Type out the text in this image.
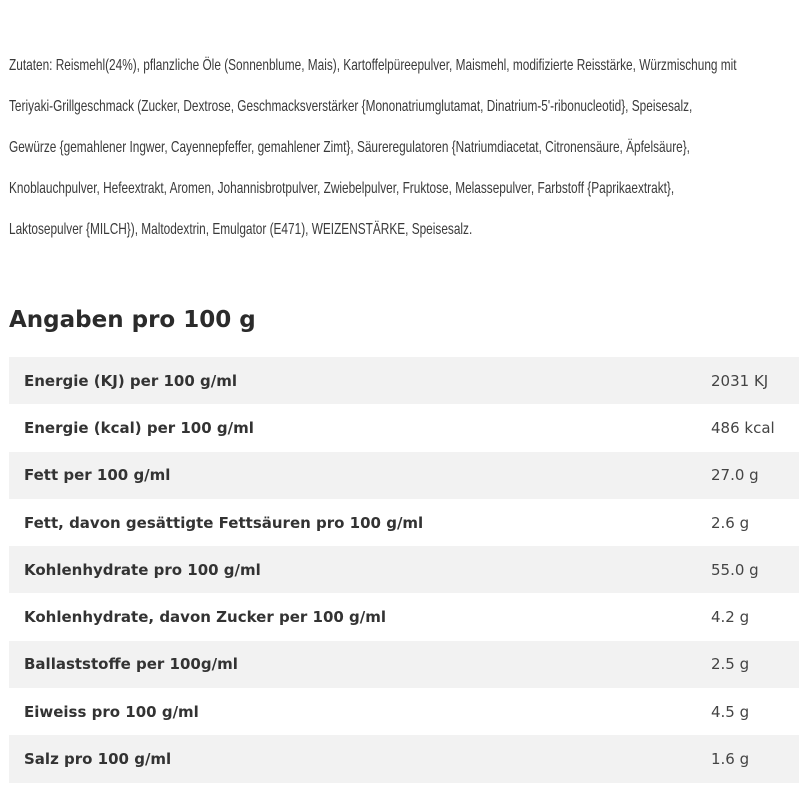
Zutaten: Reismehl(24%), pflanzliche Öle (Sonnenblume, Mais), Kartoffelpüreepulver, Maismehl, modifizierte Reisstärke, Würzmischung mit
Teriyaki-Grillgeschmack (Zucker, Dextrose, Geschmacksverstärker {Mononatriumglutamat, Dinatrium-5'-ribonucleotid}, Speisesalz,
Gewürze {gemahlener Ingwer, Cayennepfeffer, gemahlener Zimt}, Säureregulatoren {Natriumdiacetat, Citronensäure, Äpfelsäure},
Knoblauchpulver, Hefeextrakt, Aromen, Johannisbrotpulver, Zwiebelpulver, Fruktose, Melassepulver, Farbstoff {Paprikaextrakt},
Laktosepulver {MILCH}), Maltodextrin, Emulgator (E471), WEIZENSTÄRKE, Speisesalz.
Angaben pro 100 g
Energie (KJ) per 100 g/ml	2031 KJ
Energie (kcal) per 100 g/ml	486 kcal
Fett per 100 g/ml	27.0 g
Fett, davon gesättigte Fettsäuren pro 100 g/ml	2.6 g
Kohlenhydrate pro 100 g/ml	55.0 g
Kohlenhydrate, davon Zucker per 100 g/ml	4.2 g
Ballaststoffe per 100g/ml	2.5 g
Eiweiss pro 100 g/ml	4.5 g
Salz pro 100 g/ml	1.6 g
